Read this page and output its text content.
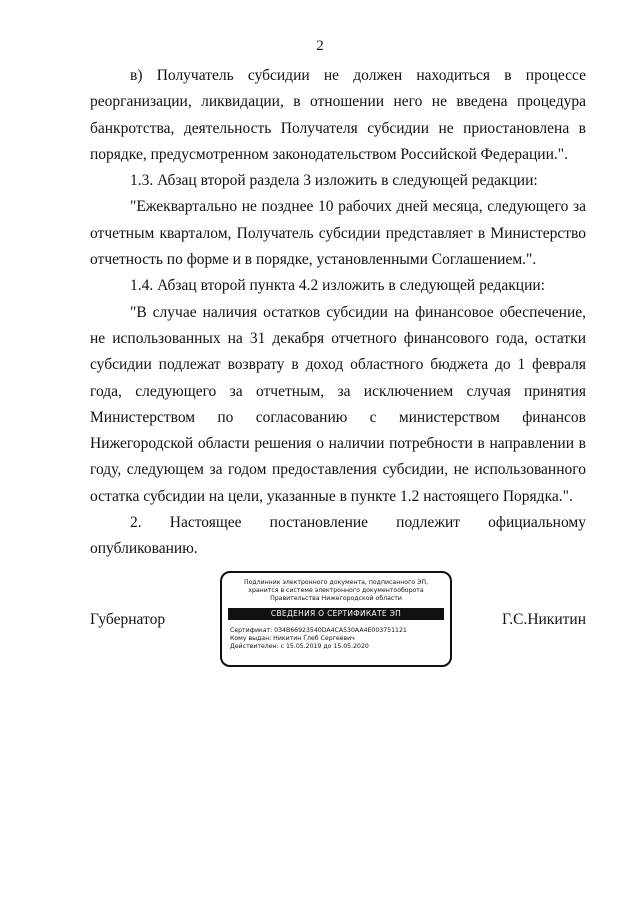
2

в) Получатель субсидии не должен находиться в процессе реорганизации, ликвидации, в отношении него не введена процедура банкротства, деятельность Получателя субсидии не приостановлена в порядке, предусмотренном законодательством Российской Федерации.".

1.3. Абзац второй раздела 3 изложить в следующей редакции:

"Ежеквартально не позднее 10 рабочих дней месяца, следующего за отчетным кварталом, Получатель субсидии представляет в Министерство отчетность по форме и в порядке, установленными Соглашением.".

1.4. Абзац второй пункта 4.2 изложить в следующей редакции:

"В случае наличия остатков субсидии на финансовое обеспечение, не использованных на 31 декабря отчетного финансового года, остатки субсидии подлежат возврату в доход областного бюджета до 1 февраля года, следующего за отчетным, за исключением случая принятия Министерством по согласованию с министерством финансов Нижегородской области решения о наличии потребности в направлении в году, следующем за годом предоставления субсидии, не использованного остатка субсидии на цели, указанные в пункте 1.2 настоящего Порядка.".

2. Настоящее постановление подлежит официальному опубликованию.

Губернатор
Подлинник электронного документа, подписанного ЭП,
хранится в системе электронного документооборота
Правительства Нижегородской области
СВЕДЕНИЯ О СЕРТИФИКАТЕ ЭП
Сертификат: 034B66923540DA4CA530AA4E003751121
Кому выдан: Никитин Глеб Сергеевич
Действителен: с 15.05.2019 до 15.05.2020
Г.С.Никитин
